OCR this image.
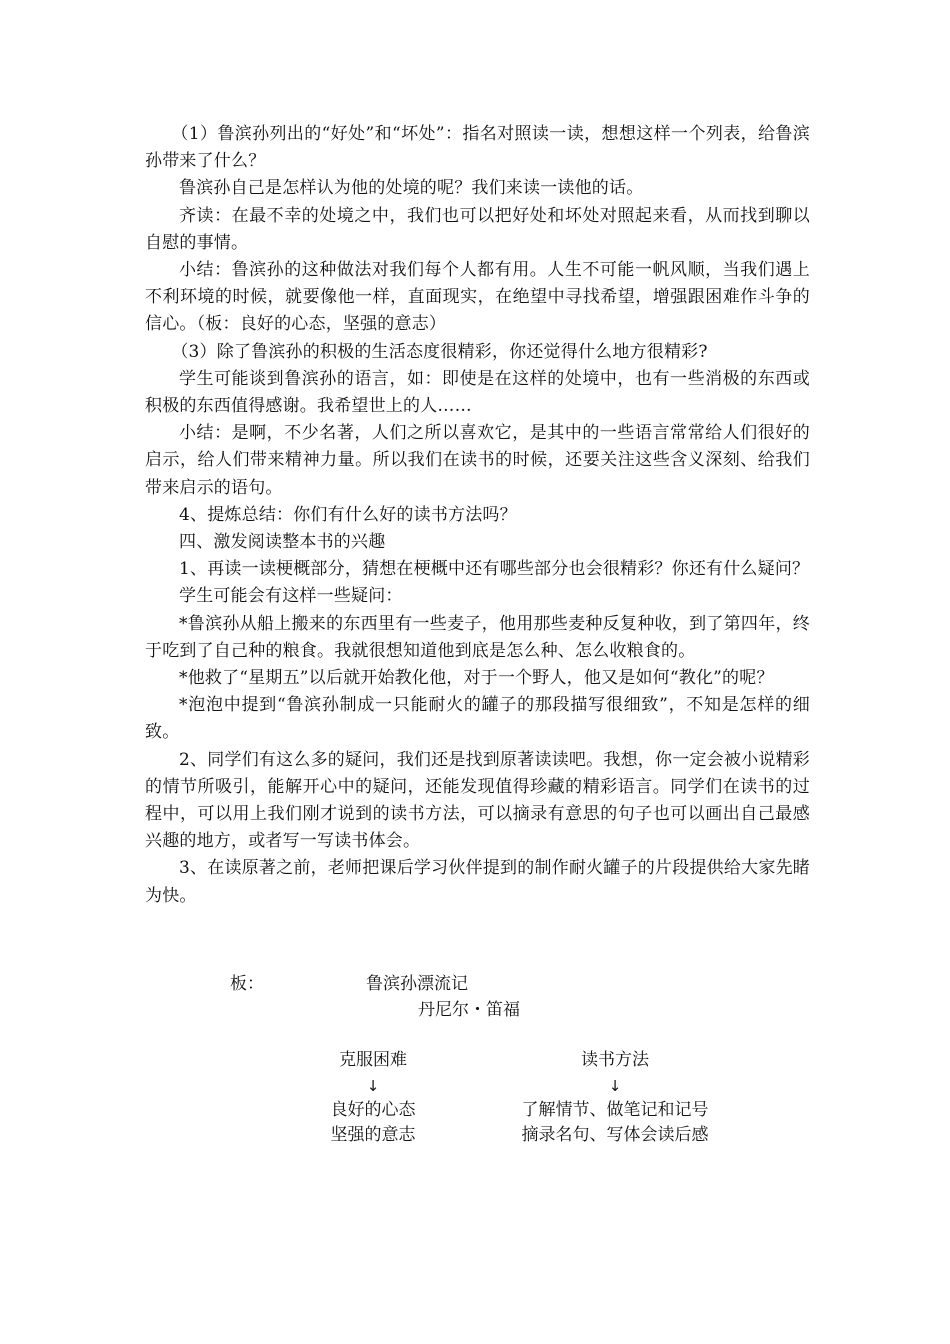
（1）鲁滨孙列出的“好处”和“坏处”：指名对照读一读，想想这样一个列表，给鲁滨孙带来了什么？

鲁滨孙自己是怎样认为他的处境的呢？我们来读一读他的话。

齐读：在最不幸的处境之中，我们也可以把好处和坏处对照起来看，从而找到聊以自慰的事情。

小结：鲁滨孙的这种做法对我们每个人都有用。人生不可能一帆风顺，当我们遇上不利环境的时候，就要像他一样，直面现实，在绝望中寻找希望，增强跟困难作斗争的信心。（板：良好的心态，坚强的意志）

（3）除了鲁滨孙的积极的生活态度很精彩，你还觉得什么地方很精彩?

学生可能谈到鲁滨孙的语言，如：即使是在这样的处境中，也有一些消极的东西或积极的东西值得感谢。我希望世上的人……

小结：是啊，不少名著，人们之所以喜欢它，是其中的一些语言常常给人们很好的启示，给人们带来精神力量。所以我们在读书的时候，还要关注这些含义深刻、给我们带来启示的语句。

4、提炼总结：你们有什么好的读书方法吗？

四、激发阅读整本书的兴趣

1、再读一读梗概部分，猜想在梗概中还有哪些部分也会很精彩？你还有什么疑问？

学生可能会有这样一些疑问：

*鲁滨孙从船上搬来的东西里有一些麦子，他用那些麦种反复种收，到了第四年，终于吃到了自己种的粮食。我就很想知道他到底是怎么种、怎么收粮食的。

*他救了“星期五”以后就开始教化他，对于一个野人，他又是如何“教化”的呢？

*泡泡中提到“鲁滨孙制成一只能耐火的罐子的那段描写很细致”，不知是怎样的细致。

2、同学们有这么多的疑问，我们还是找到原著读读吧。我想，你一定会被小说精彩的情节所吸引，能解开心中的疑问，还能发现值得珍藏的精彩语言。同学们在读书的过程中，可以用上我们刚才说到的读书方法，可以摘录有意思的句子也可以画出自己最感兴趣的地方，或者写一写读书体会。

3、在读原著之前，老师把课后学习伙伴提到的制作耐火罐子的片段提供给大家先睹为快。

板：	鲁滨孙漂流记
丹尼尔・笛福
克服困难
↓
良好的心态
坚强的意志
读书方法
↓
了解情节、做笔记和记号
摘录名句、写体会读后感
